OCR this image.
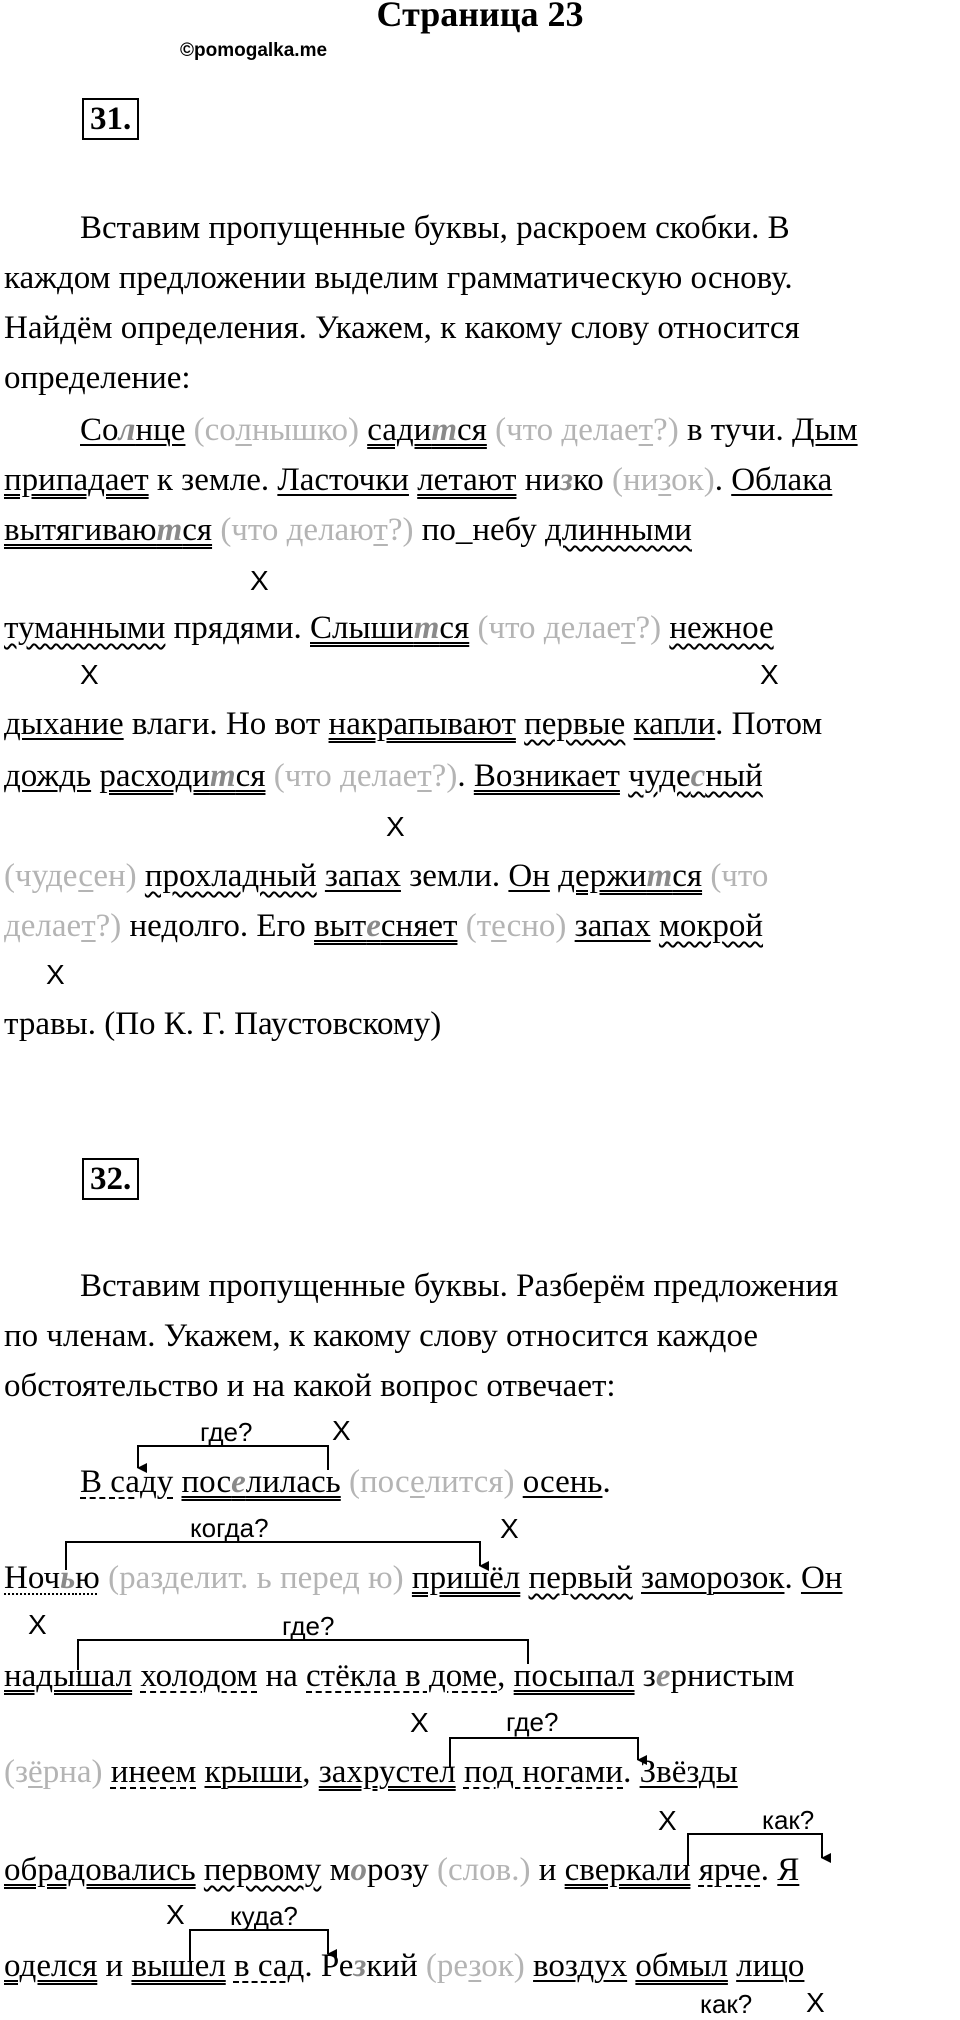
Страница 23
©pomogalka.me
31.
Вставим пропущенные буквы, раскроем скобки. В
каждом предложении выделим грамматическую основу.
Найдём определения. Укажем, к какому слову относится
определение:
Солнце (солнышко) садится (что делает?) в тучи. Дым
припадает к земле. Ласточки летают низко (низок). Облака
вытягиваются (что делают?) по_небу длинными
X
туманными прядями. Слышится (что делает?) нежное
X	X
дыхание влаги. Но вот накрапывают первые капли. Потом
дождь расходится (что делает?). Возникает чудесный
X
(чудесен) прохладный запах земли. Он держится (что
делает?) недолго. Его вытесняет (тесно) запах мокрой
X
травы. (По К. Г. Паустовскому)
32.
Вставим пропущенные буквы. Разберём предложения
по членам. Укажем, к какому слову относится каждое
обстоятельство и на какой вопрос отвечает:
где?	X
В саду поселилась (поселится) осень.
когда?	X
Ночью (разделит. ь перед ю) пришёл первый заморозок. Он
X	где?
надышал холодом на стёкла в доме, посыпал зернистым
X	где?
(зёрна) инеем крыши, захрустел под ногами. Звёзды
X	как?
обрадовались первому морозу (слов.) и сверкали ярче. Я
X куда?
оделся и вышел в сад. Резкий (резок) воздух обмыл лицо
как? X
